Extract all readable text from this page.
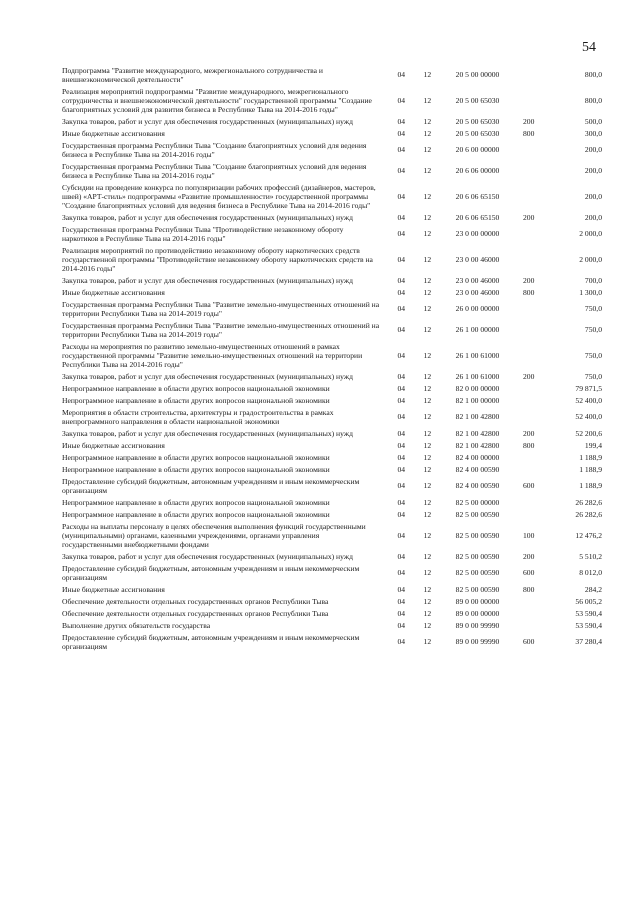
54
Подпрограмма "Развитие международного, межрегионального сотрудничества и внешнеэкономической деятельности"	04	12	20 5 00 00000		800,0
Реализация мероприятий подпрограммы "Развитие международного, межрегионального сотрудничества и внешнеэкономической деятельности" государственной программы "Создание благоприятных условий для развития бизнеса в Республике Тыва на 2014-2016 годы"	04	12	20 5 00 65030		800,0
Закупка товаров, работ и услуг для обеспечения государственных (муниципальных) нужд	04	12	20 5 00 65030	200	500,0
Иные бюджетные ассигнования	04	12	20 5 00 65030	800	300,0
Государственная программа Республики Тыва "Создание благоприятных условий для ведения бизнеса в Республике Тыва на 2014-2016 годы"	04	12	20 6 00 00000		200,0
Государственная программа Республики Тыва "Создание благоприятных условий для ведения бизнеса в Республике Тыва на 2014-2016 годы"	04	12	20 6 06 00000		200,0
Субсидии на проведение конкурса по популяризации рабочих профессий (дизайнеров, мастеров, швей) «АРТ-стиль» подпрограммы «Развитие промышленности» государственной программы "Создание благоприятных условий для ведения бизнеса в Республике Тыва на 2014-2016 годы"	04	12	20 6 06 65150		200,0
Закупка товаров, работ и услуг для обеспечения государственных (муниципальных) нужд	04	12	20 6 06 65150	200	200,0
Государственная программа Республики Тыва "Противодействие незаконному обороту наркотиков в Республике Тыва на 2014-2016 годы"	04	12	23 0 00 00000		2 000,0
Реализация мероприятий по противодействию незаконному обороту наркотических средств государственной программы "Противодействие незаконному обороту наркотических средств на 2014-2016 годы"	04	12	23 0 00 46000		2 000,0
Закупка товаров, работ и услуг для обеспечения государственных (муниципальных) нужд	04	12	23 0 00 46000	200	700,0
Иные бюджетные ассигнования	04	12	23 0 00 46000	800	1 300,0
Государственная программа Республики Тыва "Развитие земельно-имущественных отношений на территории Республики Тыва на 2014-2019 годы"	04	12	26 0 00 00000		750,0
Государственная программа Республики Тыва "Развитие земельно-имущественных отношений на территории Республики Тыва на 2014-2019 годы"	04	12	26 1 00 00000		750,0
Расходы на мероприятия по развитию земельно-имущественных отношений в рамках государственной программы "Развитие земельно-имущественных отношений на территории Республики Тыва на 2014-2016 годы"	04	12	26 1 00 61000		750,0
Закупка товаров, работ и услуг для обеспечения государственных (муниципальных) нужд	04	12	26 1 00 61000	200	750,0
Непрограммное направление в области других вопросов национальной экономики	04	12	82 0 00 00000		79 871,5
Непрограммное направление в области других вопросов национальной экономики	04	12	82 1 00 00000		52 400,0
Мероприятия в области строительства, архитектуры и градостроительства в рамках внепрограммного направления в области национальной экономики	04	12	82 1 00 42800		52 400,0
Закупка товаров, работ и услуг для обеспечения государственных (муниципальных) нужд	04	12	82 1 00 42800	200	52 200,6
Иные бюджетные ассигнования	04	12	82 1 00 42800	800	199,4
Непрограммное направление в области других вопросов национальной экономики	04	12	82 4 00 00000		1 188,9
Непрограммное направление в области других вопросов национальной экономики	04	12	82 4 00 00590		1 188,9
Предоставление субсидий бюджетным, автономным учреждениям и иным некоммерческим организациям	04	12	82 4 00 00590	600	1 188,9
Непрограммное направление в области других вопросов национальной экономики	04	12	82 5 00 00000		26 282,6
Непрограммное направление в области других вопросов национальной экономики	04	12	82 5 00 00590		26 282,6
Расходы на выплаты персоналу в целях обеспечения выполнения функций государственными (муниципальными) органами, казенными учреждениями, органами управления государственными внебюджетными фондами	04	12	82 5 00 00590	100	12 476,2
Закупка товаров, работ и услуг для обеспечения государственных (муниципальных) нужд	04	12	82 5 00 00590	200	5 510,2
Предоставление субсидий бюджетным, автономным учреждениям и иным некоммерческим организациям	04	12	82 5 00 00590	600	8 012,0
Иные бюджетные ассигнования	04	12	82 5 00 00590	800	284,2
Обеспечение деятельности отдельных государственных органов Республики Тыва	04	12	89 0 00 00000		56 005,2
Обеспечение деятельности отдельных государственных органов Республики Тыва	04	12	89 0 00 00000		53 590,4
Выполнение других обязательств государства	04	12	89 0 00 99990		53 590,4
Предоставление субсидий бюджетным, автономным учреждениям и иным некоммерческим организациям	04	12	89 0 00 99990	600	37 280,4
